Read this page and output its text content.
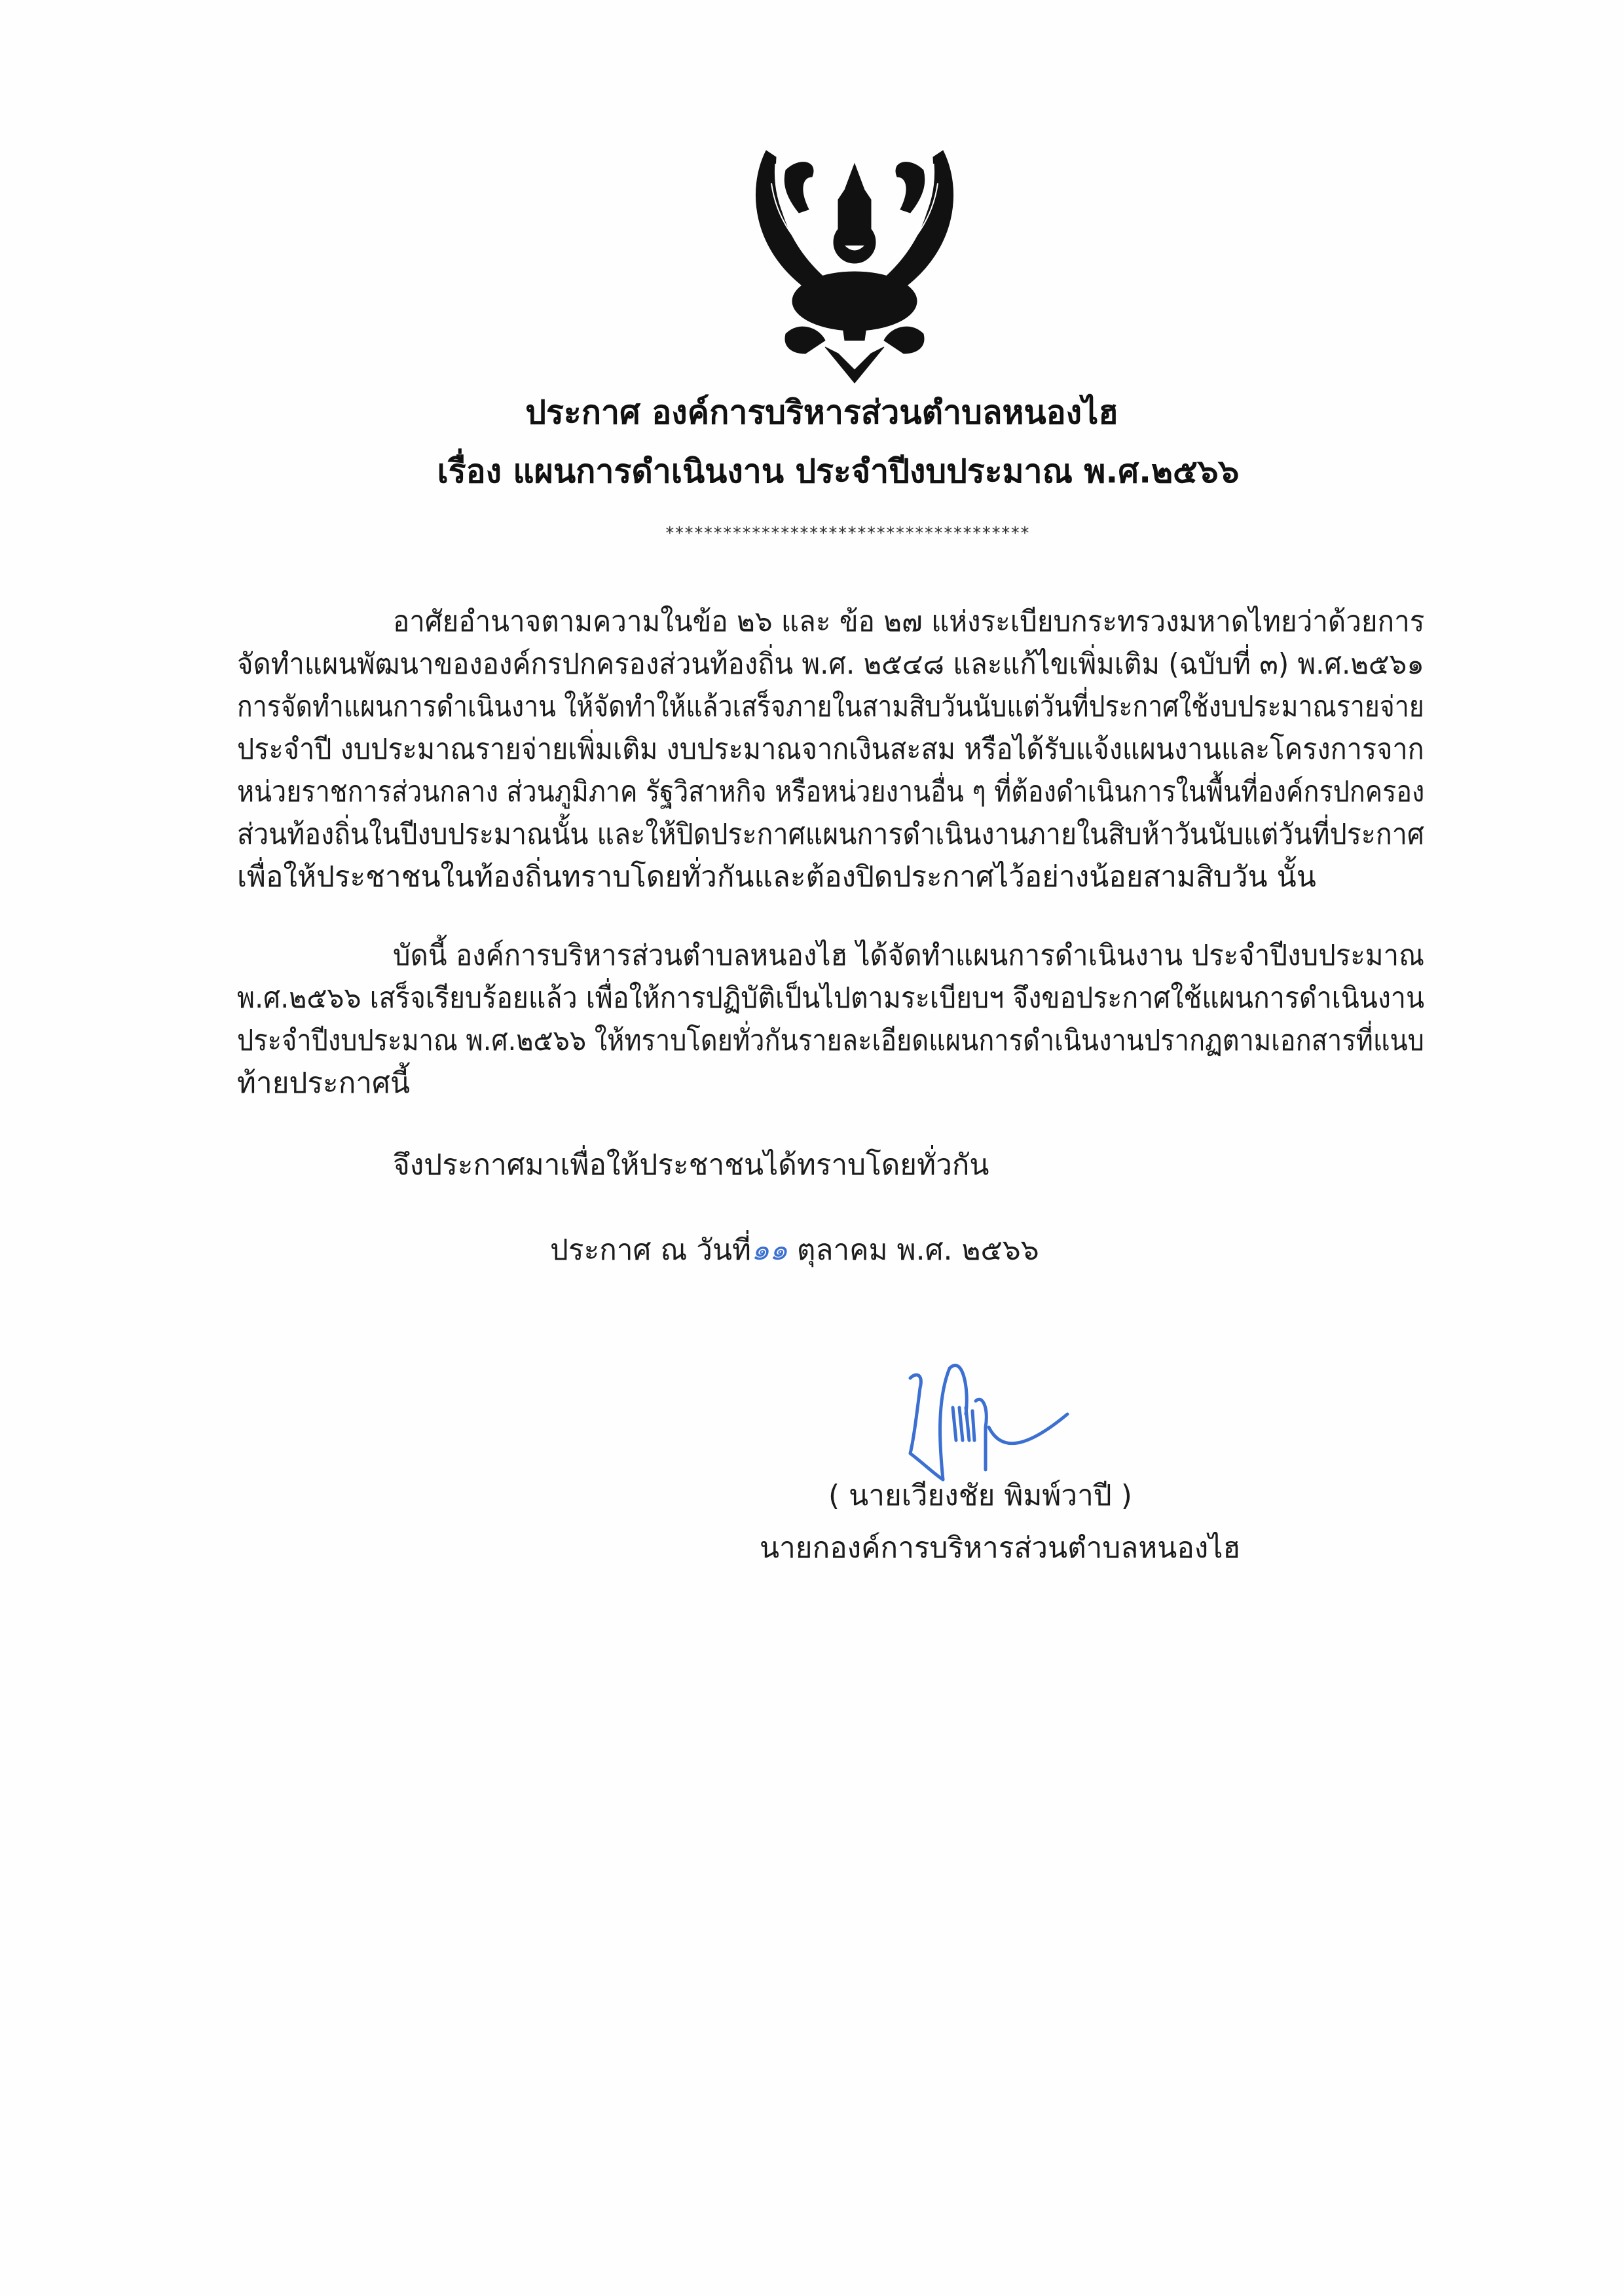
ประกาศ องค์การบริหารส่วนตำบลหนองไฮ
เรื่อง แผนการดำเนินงาน ประจำปีงบประมาณ พ.ศ.๒๕๖๖
**************************************
อาศัยอำนาจตามความในข้อ ๒๖ และ ข้อ ๒๗ แห่งระเบียบกระทรวงมหาดไทยว่าด้วยการ
จัดทำแผนพัฒนาขององค์กรปกครองส่วนท้องถิ่น พ.ศ. ๒๕๔๘ และแก้ไขเพิ่มเติม (ฉบับที่ ๓) พ.ศ.๒๕๖๑
การจัดทำแผนการดำเนินงาน ให้จัดทำให้แล้วเสร็จภายในสามสิบวันนับแต่วันที่ประกาศใช้งบประมาณรายจ่าย
ประจำปี งบประมาณรายจ่ายเพิ่มเติม งบประมาณจากเงินสะสม หรือได้รับแจ้งแผนงานและโครงการจาก
หน่วยราชการส่วนกลาง ส่วนภูมิภาค รัฐวิสาหกิจ หรือหน่วยงานอื่น ๆ ที่ต้องดำเนินการในพื้นที่องค์กรปกครอง
ส่วนท้องถิ่นในปีงบประมาณนั้น และให้ปิดประกาศแผนการดำเนินงานภายในสิบห้าวันนับแต่วันที่ประกาศ
เพื่อให้ประชาชนในท้องถิ่นทราบโดยทั่วกันและต้องปิดประกาศไว้อย่างน้อยสามสิบวัน นั้น
บัดนี้ องค์การบริหารส่วนตำบลหนองไฮ ได้จัดทำแผนการดำเนินงาน ประจำปีงบประมาณ
พ.ศ.๒๕๖๖ เสร็จเรียบร้อยแล้ว เพื่อให้การปฏิบัติเป็นไปตามระเบียบฯ จึงขอประกาศใช้แผนการดำเนินงาน
ประจำปีงบประมาณ พ.ศ.๒๕๖๖ ให้ทราบโดยทั่วกันรายละเอียดแผนการดำเนินงานปรากฏตามเอกสารที่แนบ
ท้ายประกาศนี้
จึงประกาศมาเพื่อให้ประชาชนได้ทราบโดยทั่วกัน
ประกาศ ณ วันที่๑๑ ตุลาคม พ.ศ. ๒๕๖๖
( นายเวียงชัย พิมพ์วาปี )
นายกองค์การบริหารส่วนตำบลหนองไฮ
